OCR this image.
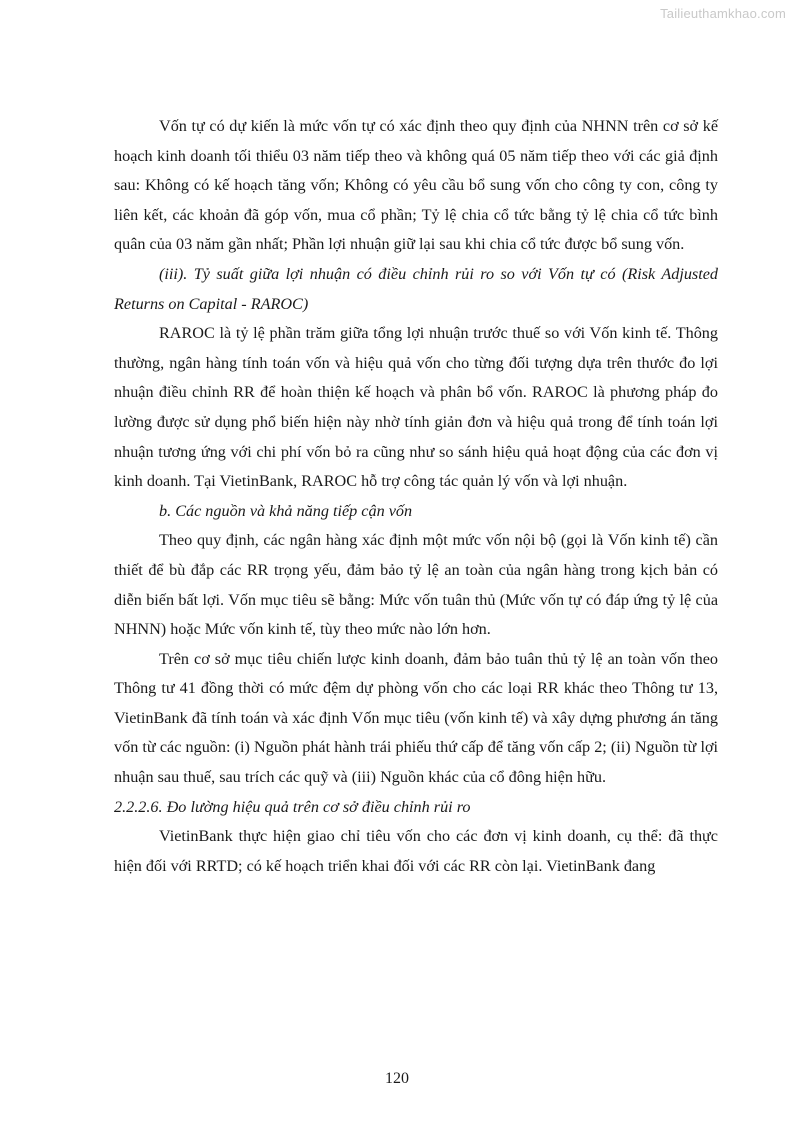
Tailieuthamkhao.com

Vốn tự có dự kiến là mức vốn tự có xác định theo quy định của NHNN trên cơ sở kế hoạch kinh doanh tối thiểu 03 năm tiếp theo và không quá 05 năm tiếp theo với các giả định sau: Không có kế hoạch tăng vốn; Không có yêu cầu bổ sung vốn cho công ty con, công ty liên kết, các khoản đã góp vốn, mua cổ phần; Tỷ lệ chia cổ tức bằng tỷ lệ chia cổ tức bình quân của 03 năm gần nhất; Phần lợi nhuận giữ lại sau khi chia cổ tức được bổ sung vốn.

(iii). Tỷ suất giữa lợi nhuận có điều chỉnh rủi ro so với Vốn tự có (Risk Adjusted Returns on Capital - RAROC)

RAROC là tỷ lệ phần trăm giữa tổng lợi nhuận trước thuế so với Vốn kinh tế. Thông thường, ngân hàng tính toán vốn và hiệu quả vốn cho từng đối tượng dựa trên thước đo lợi nhuận điều chỉnh RR để hoàn thiện kế hoạch và phân bổ vốn. RAROC là phương pháp đo lường được sử dụng phổ biến hiện này nhờ tính giản đơn và hiệu quả trong để tính toán lợi nhuận tương ứng với chi phí vốn bỏ ra cũng như so sánh hiệu quả hoạt động của các đơn vị kinh doanh. Tại VietinBank, RAROC hỗ trợ công tác quản lý vốn và lợi nhuận.

b. Các nguồn và khả năng tiếp cận vốn

Theo quy định, các ngân hàng xác định một mức vốn nội bộ (gọi là Vốn kinh tế) cần thiết để bù đắp các RR trọng yếu, đảm bảo tỷ lệ an toàn của ngân hàng trong kịch bản có diễn biến bất lợi. Vốn mục tiêu sẽ bằng: Mức vốn tuân thủ (Mức vốn tự có đáp ứng tỷ lệ của NHNN) hoặc Mức vốn kinh tế, tùy theo mức nào lớn hơn.

Trên cơ sở mục tiêu chiến lược kinh doanh, đảm bảo tuân thủ tỷ lệ an toàn vốn theo Thông tư 41 đồng thời có mức đệm dự phòng vốn cho các loại RR khác theo Thông tư 13, VietinBank đã tính toán và xác định Vốn mục tiêu (vốn kinh tế) và xây dựng phương án tăng vốn từ các nguồn: (i) Nguồn phát hành trái phiếu thứ cấp để tăng vốn cấp 2; (ii) Nguồn từ lợi nhuận sau thuế, sau trích các quỹ và (iii) Nguồn khác của cổ đông hiện hữu.

2.2.2.6. Đo lường hiệu quả trên cơ sở điều chỉnh rủi ro

VietinBank thực hiện giao chỉ tiêu vốn cho các đơn vị kinh doanh, cụ thể: đã thực hiện đối với RRTD; có kế hoạch triển khai đối với các RR còn lại. VietinBank đang

120
